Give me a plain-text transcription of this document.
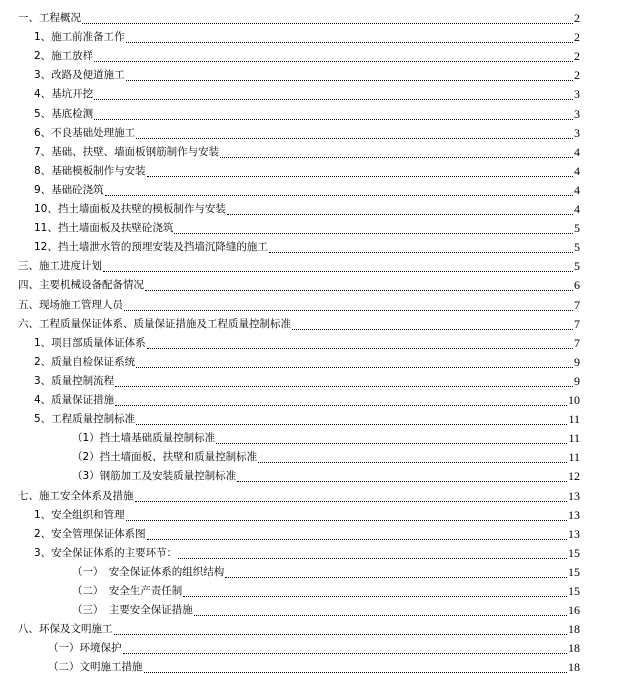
一、工程概况	2
1、施工前准备工作	2
2、施工放样	2
3、改路及便道施工	2
4、基坑开挖	3
5、基底检测	3
6、不良基础处理施工	3
7、基础、扶壁、墙面板钢筋制作与安装	4
8、基础模板制作与安装	4
9、基础砼浇筑	4
10、挡土墙面板及扶壁的模板制作与安装	4
11、挡土墙面板及扶壁砼浇筑	5
12、挡土墙泄水管的预埋安装及挡墙沉降缝的施工	5
三、施工进度计划	5
四、主要机械设备配备情况	6
五、现场施工管理人员	7
六、工程质量保证体系、质量保证措施及工程质量控制标准	7
1、项目部质量体证体系	7
2、质量自检保证系统	9
3、质量控制流程	9
4、质量保证措施	10
5、工程质量控制标准	11
（1）挡土墙基础质量控制标准	11
（2）挡土墙面板、扶壁和质量控制标准	11
（3）钢筋加工及安装质量控制标准	12
七、施工安全体系及措施	13
1、安全组织和管理	13
2、安全管理保证体系图	13
3、安全保证体系的主要环节：	15
（一）　安全保证体系的组织结构	15
（二）　安全生产责任制	15
（三）　主要安全保证措施	16
八、环保及文明施工	18
（一）环境保护	18
（二）文明施工措施	18
